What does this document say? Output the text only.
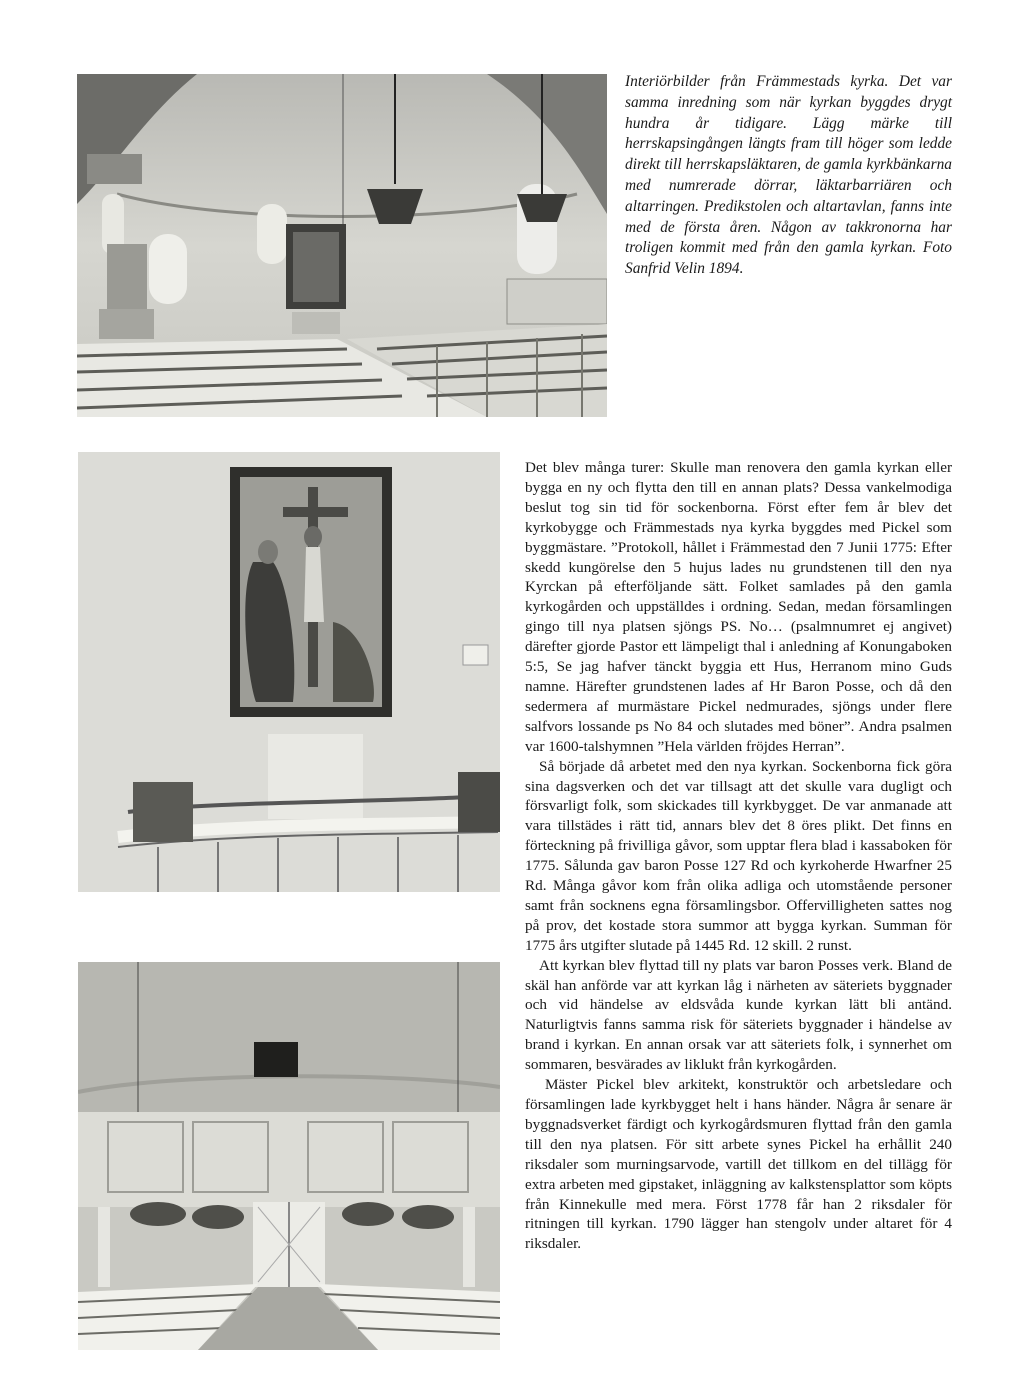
Interiörbilder från Främmestads kyrka. Det var samma inredning som när kyrkan byggdes drygt hundra år tidigare. Lägg märke till herrskapsingången längts fram till höger som ledde direkt till herrskapsläktaren, de gamla kyrkbänkarna med numrerade dörrar, läktarbarriären och altarringen. Predikstolen och altartavlan, fanns inte med de första åren. Någon av takkronorna har troligen kommit med från den gamla kyrkan. Foto Sanfrid Velin 1894.

Det blev många turer: Skulle man renovera den gamla kyrkan eller bygga en ny och flytta den till en annan plats? Dessa vankelmodiga beslut tog sin tid för sockenborna. Först efter fem år blev det kyrkobygge och Främmestads nya kyrka byggdes med Pickel som byggmästare. ”Protokoll, hållet i Främmestad den 7 Junii 1775: Efter skedd kungörelse den 5 hujus lades nu grundstenen till den nya Kyrckan på efterföljande sätt. Folket samlades på den gamla kyrkogården och uppställdes i ordning. Sedan, medan församlingen gingo till nya platsen sjöngs PS. No… (psalmnumret ej angivet) därefter gjorde Pastor ett lämpeligt thal i anledning af Konungaboken 5:5, Se jag hafver tänckt byggia ett Hus, Herranom mino Guds namne. Härefter grundstenen lades af Hr Baron Posse, och då den sedermera af murmästare Pickel nedmurades, sjöngs under flere salfvors lossande ps No 84 och slutades med böner”. Andra psalmen var 1600-talshymnen ”Hela världen fröjdes Herran”.

Så började då arbetet med den nya kyrkan. Sockenborna fick göra sina dagsverken och det var tillsagt att det skulle vara dugligt och försvarligt folk, som skickades till kyrkbygget. De var anmanade att vara tillstädes i rätt tid, annars blev det 8 öres plikt. Det finns en förteckning på frivilliga gåvor, som upptar flera blad i kassaboken för 1775. Sålunda gav baron Posse 127 Rd och kyrkoherde Hwarfner 25 Rd. Många gåvor kom från olika adliga och utomstående personer samt från socknens egna församlingsbor. Offervilligheten sattes nog på prov, det kostade stora summor att bygga kyrkan. Summan för 1775 års utgifter slutade på 1445 Rd. 12 skill. 2 runst.

Att kyrkan blev flyttad till ny plats var baron Posses verk. Bland de skäl han anförde var att kyrkan låg i närheten av säteriets byggnader och vid händelse av eldsvåda kunde kyrkan lätt bli antänd. Naturligtvis fanns samma risk för säteriets byggnader i händelse av brand i kyrkan. En annan orsak var att säteriets folk, i synnerhet om sommaren, besvärades av liklukt från kyrkogården.

Mäster Pickel blev arkitekt, konstruktör och arbetsledare och församlingen lade kyrkbygget helt i hans händer. Några år senare är byggnadsverket färdigt och kyrkogårdsmuren flyttad från den gamla till den nya platsen. För sitt arbete synes Pickel ha erhållit 240 riksdaler som murningsarvode, vartill det tillkom en del tillägg för extra arbeten med gipstaket, inläggning av kalkstensplattor som köpts från Kinnekulle med mera. Först 1778 får han 2 riksdaler för ritningen till kyrkan. 1790 lägger han stengolv under altaret för 4 riksdaler.
